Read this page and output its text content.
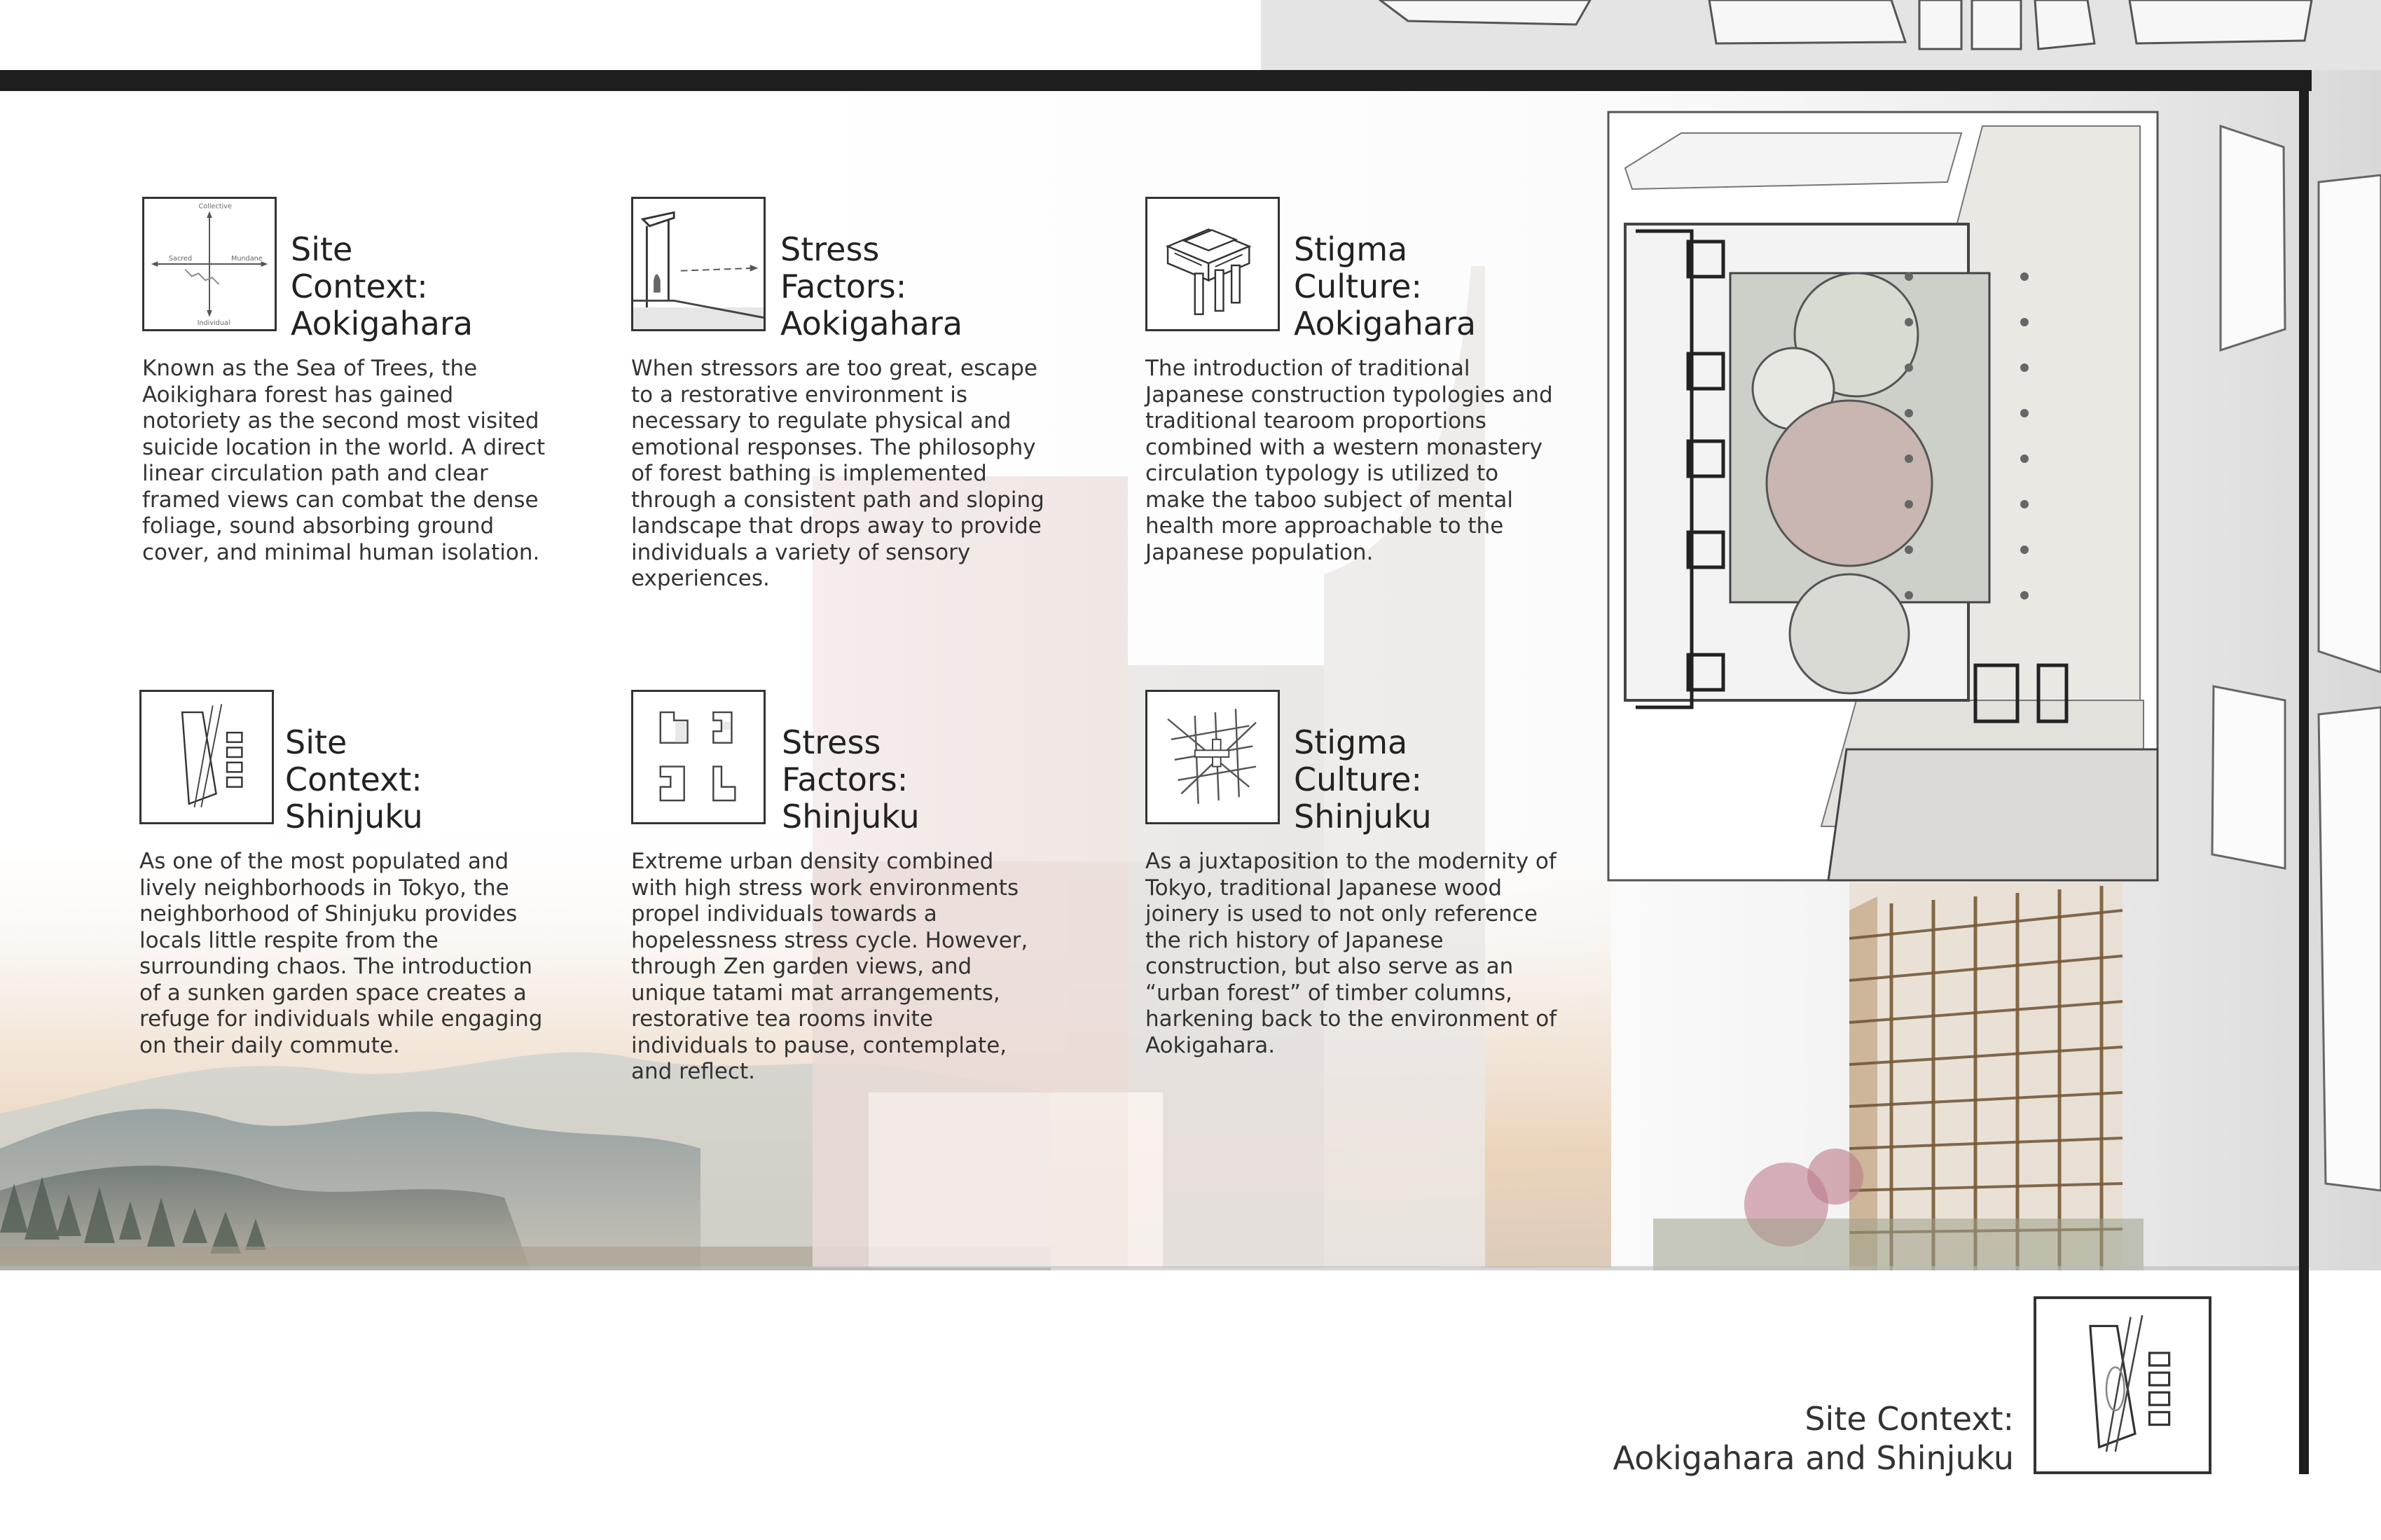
Collective
Sacred	Mundane
Individual
Site
Context:
Aokigahara
Known as the Sea of Trees, the Aoikighara forest has gained notoriety as the second most visited suicide location in the world. A direct linear circulation path and clear framed views can combat the dense foliage, sound absorbing ground cover, and minimal human isolation.
Stress
Factors:
Aokigahara
When stressors are too great, escape to a restorative environment is necessary to regulate physical and emotional responses. The philosophy of forest bathing is implemented through a consistent path and sloping landscape that drops away to provide individuals a variety of sensory experiences.
Stigma
Culture:
Aokigahara
The introduction of traditional Japanese construction typologies and traditional tearoom proportions combined with a western monastery circulation typology is utilized to make the taboo subject of mental health more approachable to the Japanese population.
Site
Context:
Shinjuku
As one of the most populated and lively neighborhoods in Tokyo, the neighborhood of Shinjuku provides locals little respite from the surrounding chaos. The introduction of a sunken garden space creates a refuge for individuals while engaging on their daily commute.
Stress
Factors:
Shinjuku
Extreme urban density combined with high stress work environments propel individuals towards a hopelessness stress cycle. However, through Zen garden views, and unique tatami mat arrangements, restorative tea rooms invite individuals to pause, contemplate, and reflect.
Stigma
Culture:
Shinjuku
As a juxtaposition to the modernity of Tokyo, traditional Japanese wood joinery is used to not only reference the rich history of Japanese construction, but also serve as an “urban forest” of timber columns, harkening back to the environment of Aokigahara.
Site Context:
Aokigahara and Shinjuku
